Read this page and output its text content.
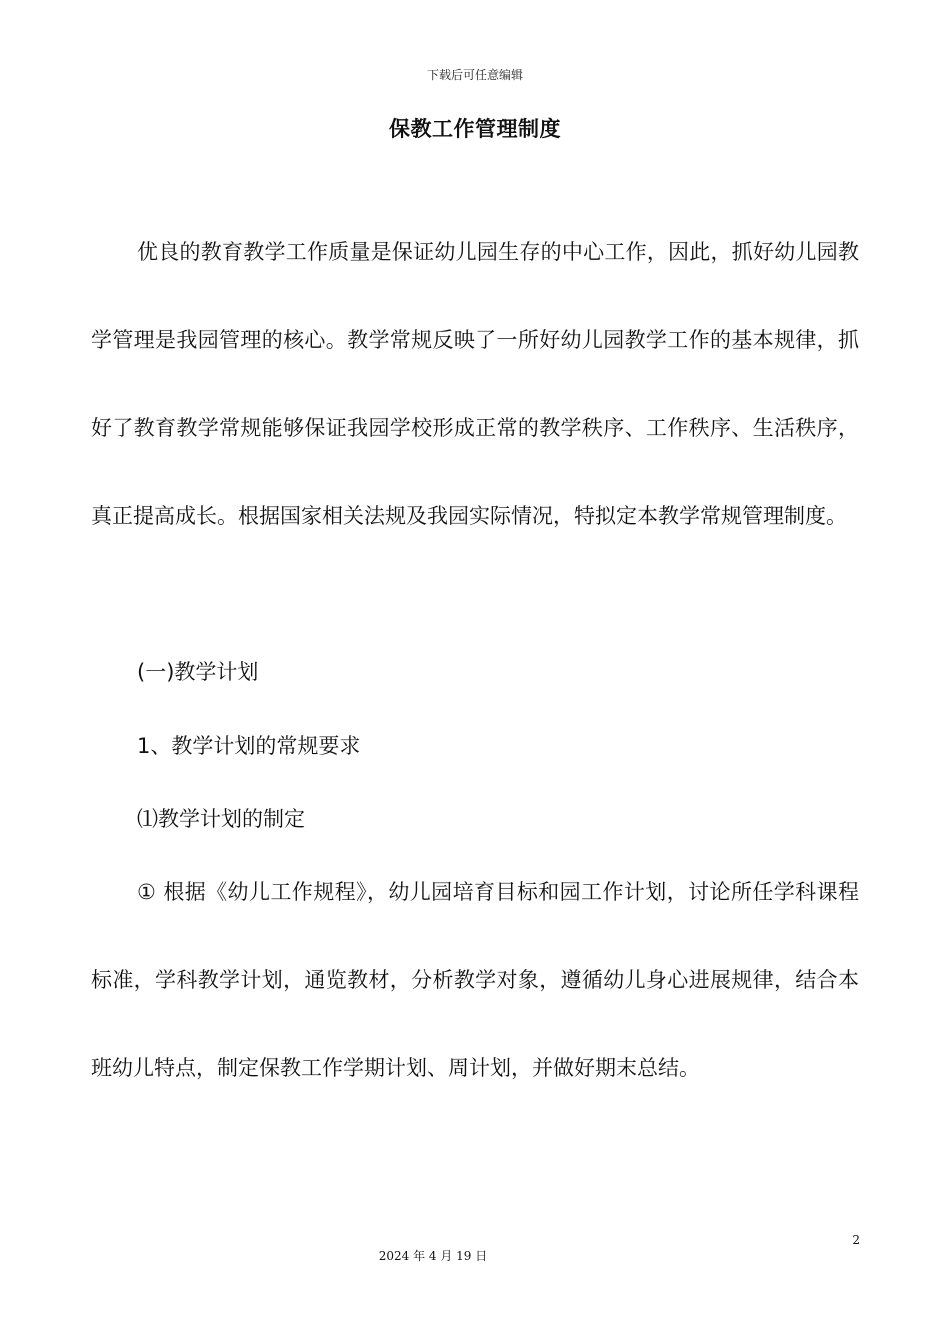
下载后可任意编辑
保教工作管理制度

优良的教育教学工作质量是保证幼儿园生存的中心工作，因此，抓好幼儿园教学管理是我园管理的核心。教学常规反映了一所好幼儿园教学工作的基本规律，抓好了教育教学常规能够保证我园学校形成正常的教学秩序、工作秩序、生活秩序，真正提高成长。根据国家相关法规及我园实际情况，特拟定本教学常规管理制度。

(一)教学计划

1、教学计划的常规要求

⑴教学计划的制定

① 根据《幼儿工作规程》，幼儿园培育目标和园工作计划，讨论所任学科课程标准，学科教学计划，通览教材，分析教学对象，遵循幼儿身心进展规律，结合本班幼儿特点，制定保教工作学期计划、周计划，并做好期末总结。

2
2024 年 4 月 19 日
